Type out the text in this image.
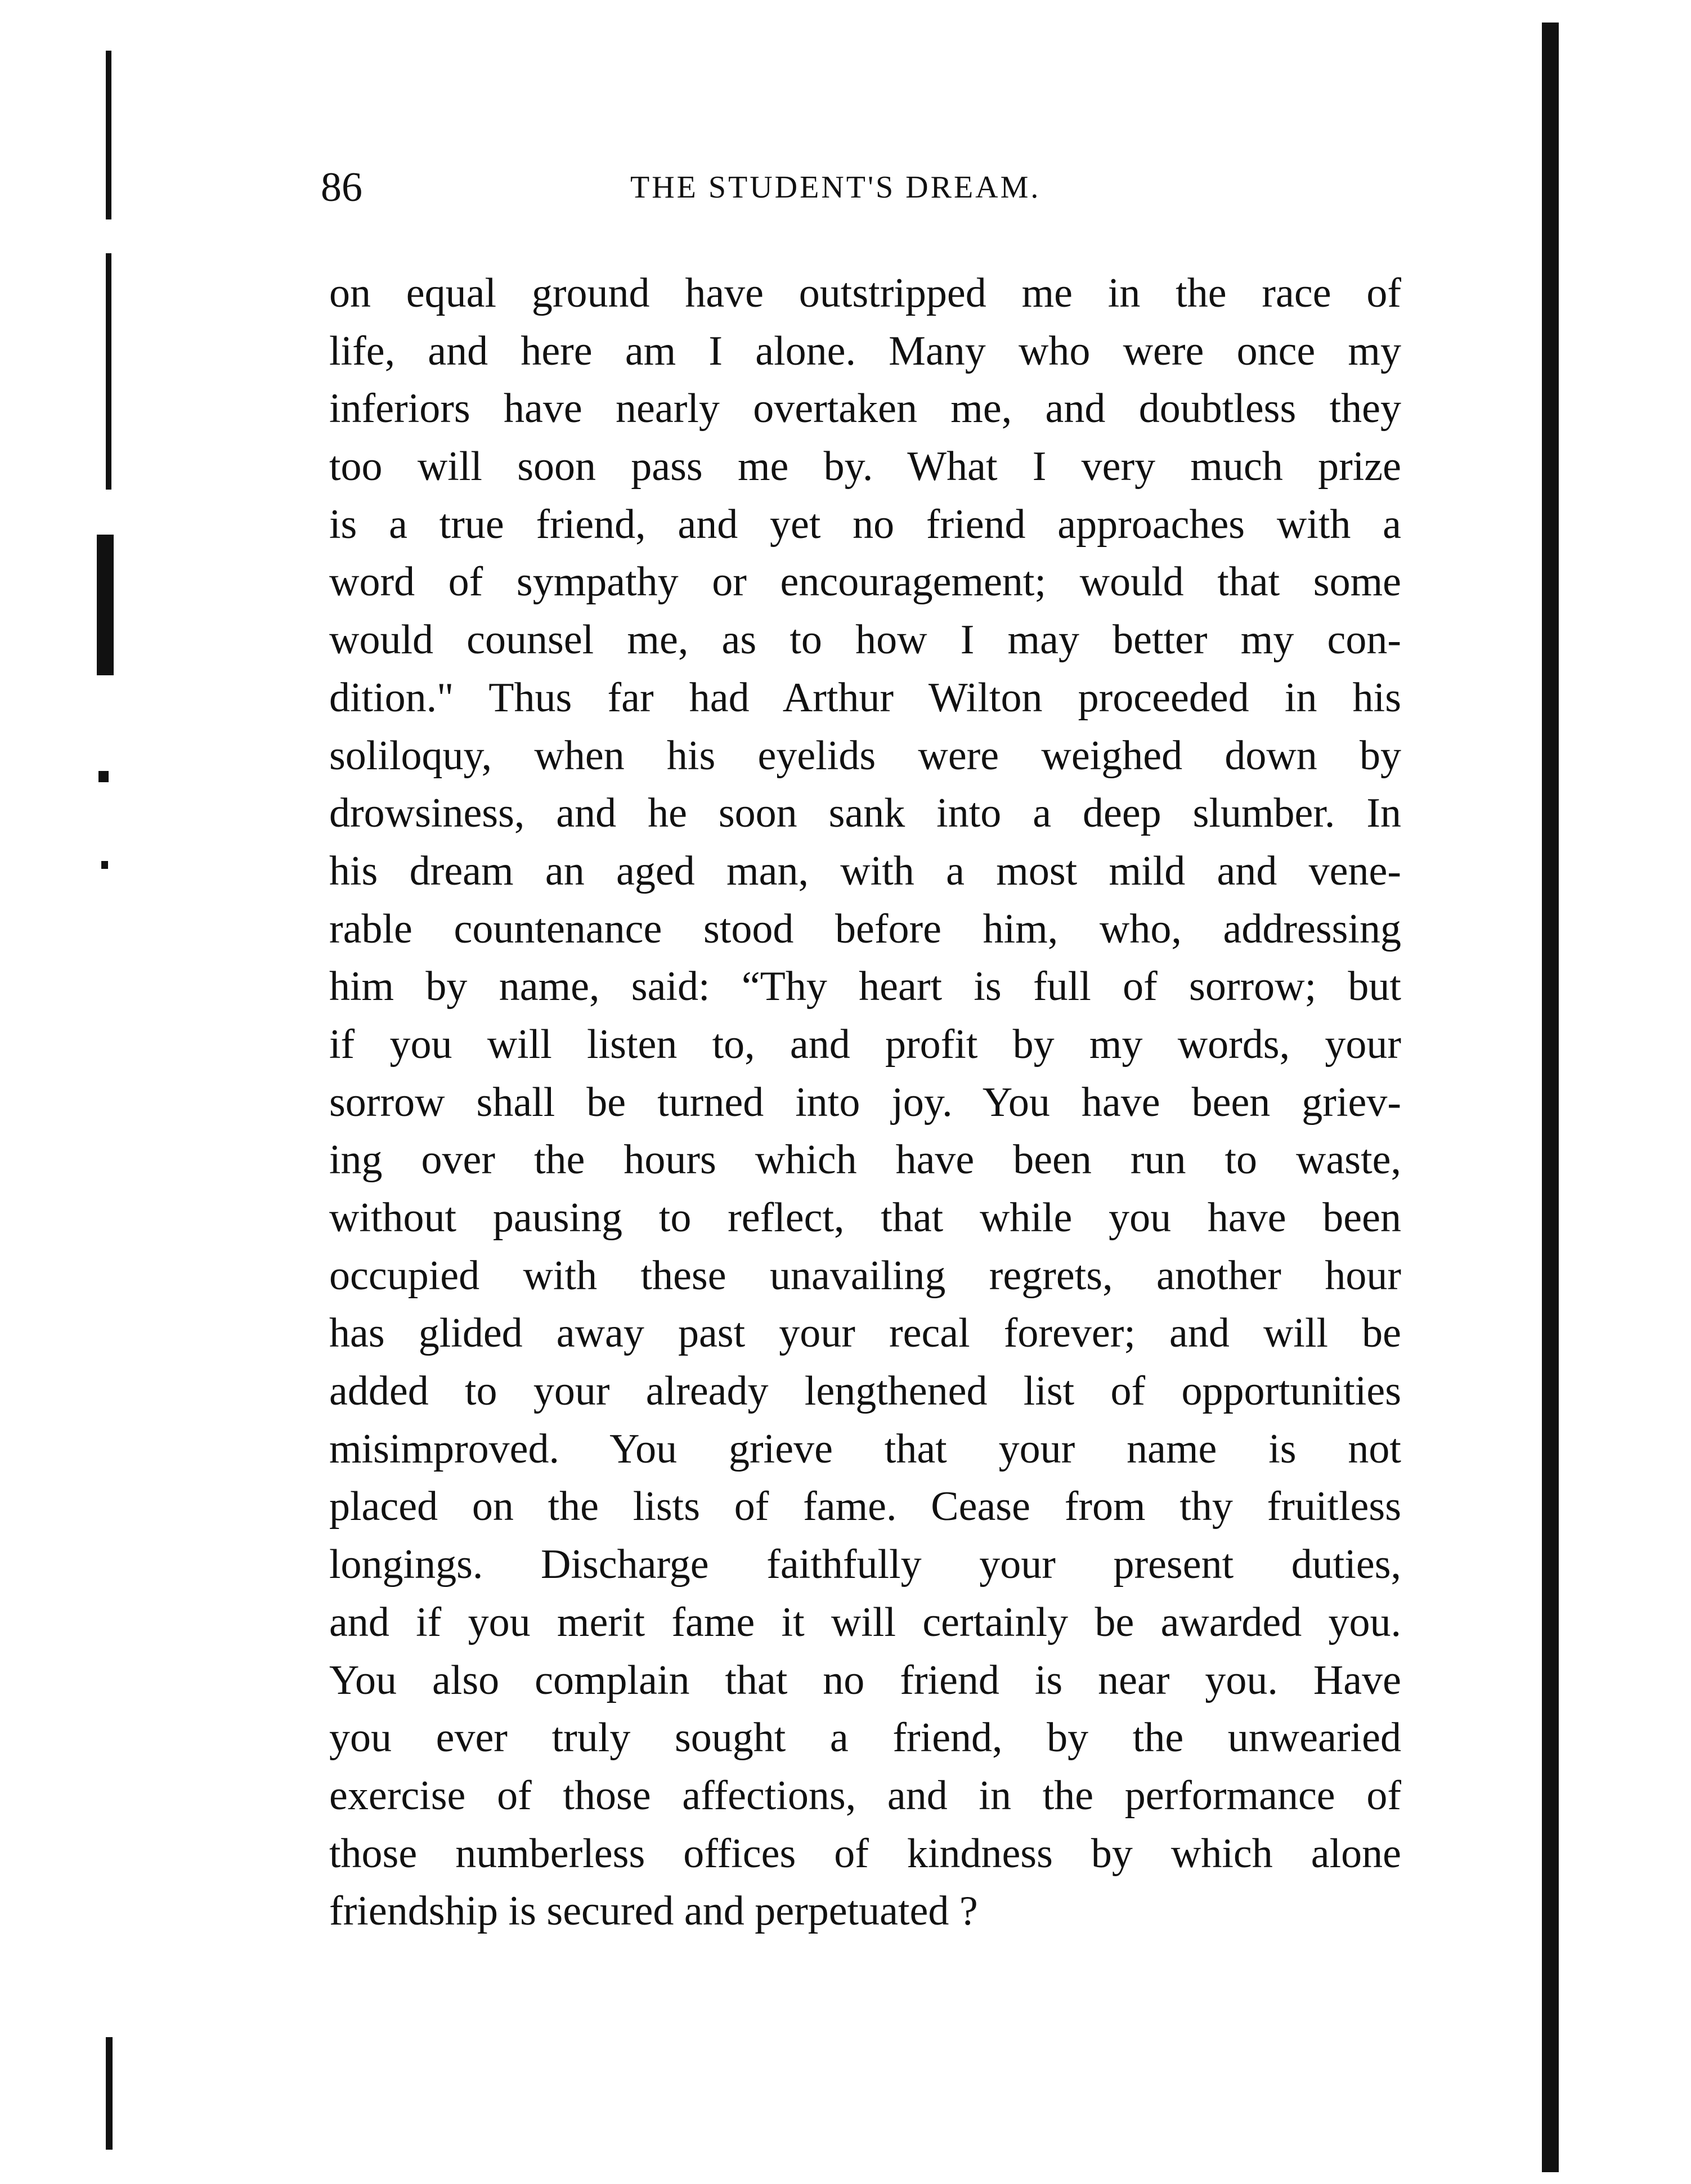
86	THE STUDENT'S DREAM.
on equal ground have outstripped me in the race of
life, and here am I alone. Many who were once my
inferiors have nearly overtaken me, and doubtless they
too will soon pass me by. What I very much prize
is a true friend, and yet no friend approaches with a
word of sympathy or encouragement; would that some
would counsel me, as to how I may better my con-
dition." Thus far had Arthur Wilton proceeded in his
soliloquy, when his eyelids were weighed down by
drowsiness, and he soon sank into a deep slumber. In
his dream an aged man, with a most mild and vene-
rable countenance stood before him, who, addressing
him by name, said: “Thy heart is full of sorrow; but
if you will listen to, and profit by my words, your
sorrow shall be turned into joy. You have been griev-
ing over the hours which have been run to waste,
without pausing to reflect, that while you have been
occupied with these unavailing regrets, another hour
has glided away past your recal forever; and will be
added to your already lengthened list of opportunities
misimproved. You grieve that your name is not
placed on the lists of fame. Cease from thy fruitless
longings. Discharge faithfully your present duties,
and if you merit fame it will certainly be awarded you.
You also complain that no friend is near you. Have
you ever truly sought a friend, by the unwearied
exercise of those affections, and in the performance of
those numberless offices of kindness by which alone
friendship is secured and perpetuated ?
